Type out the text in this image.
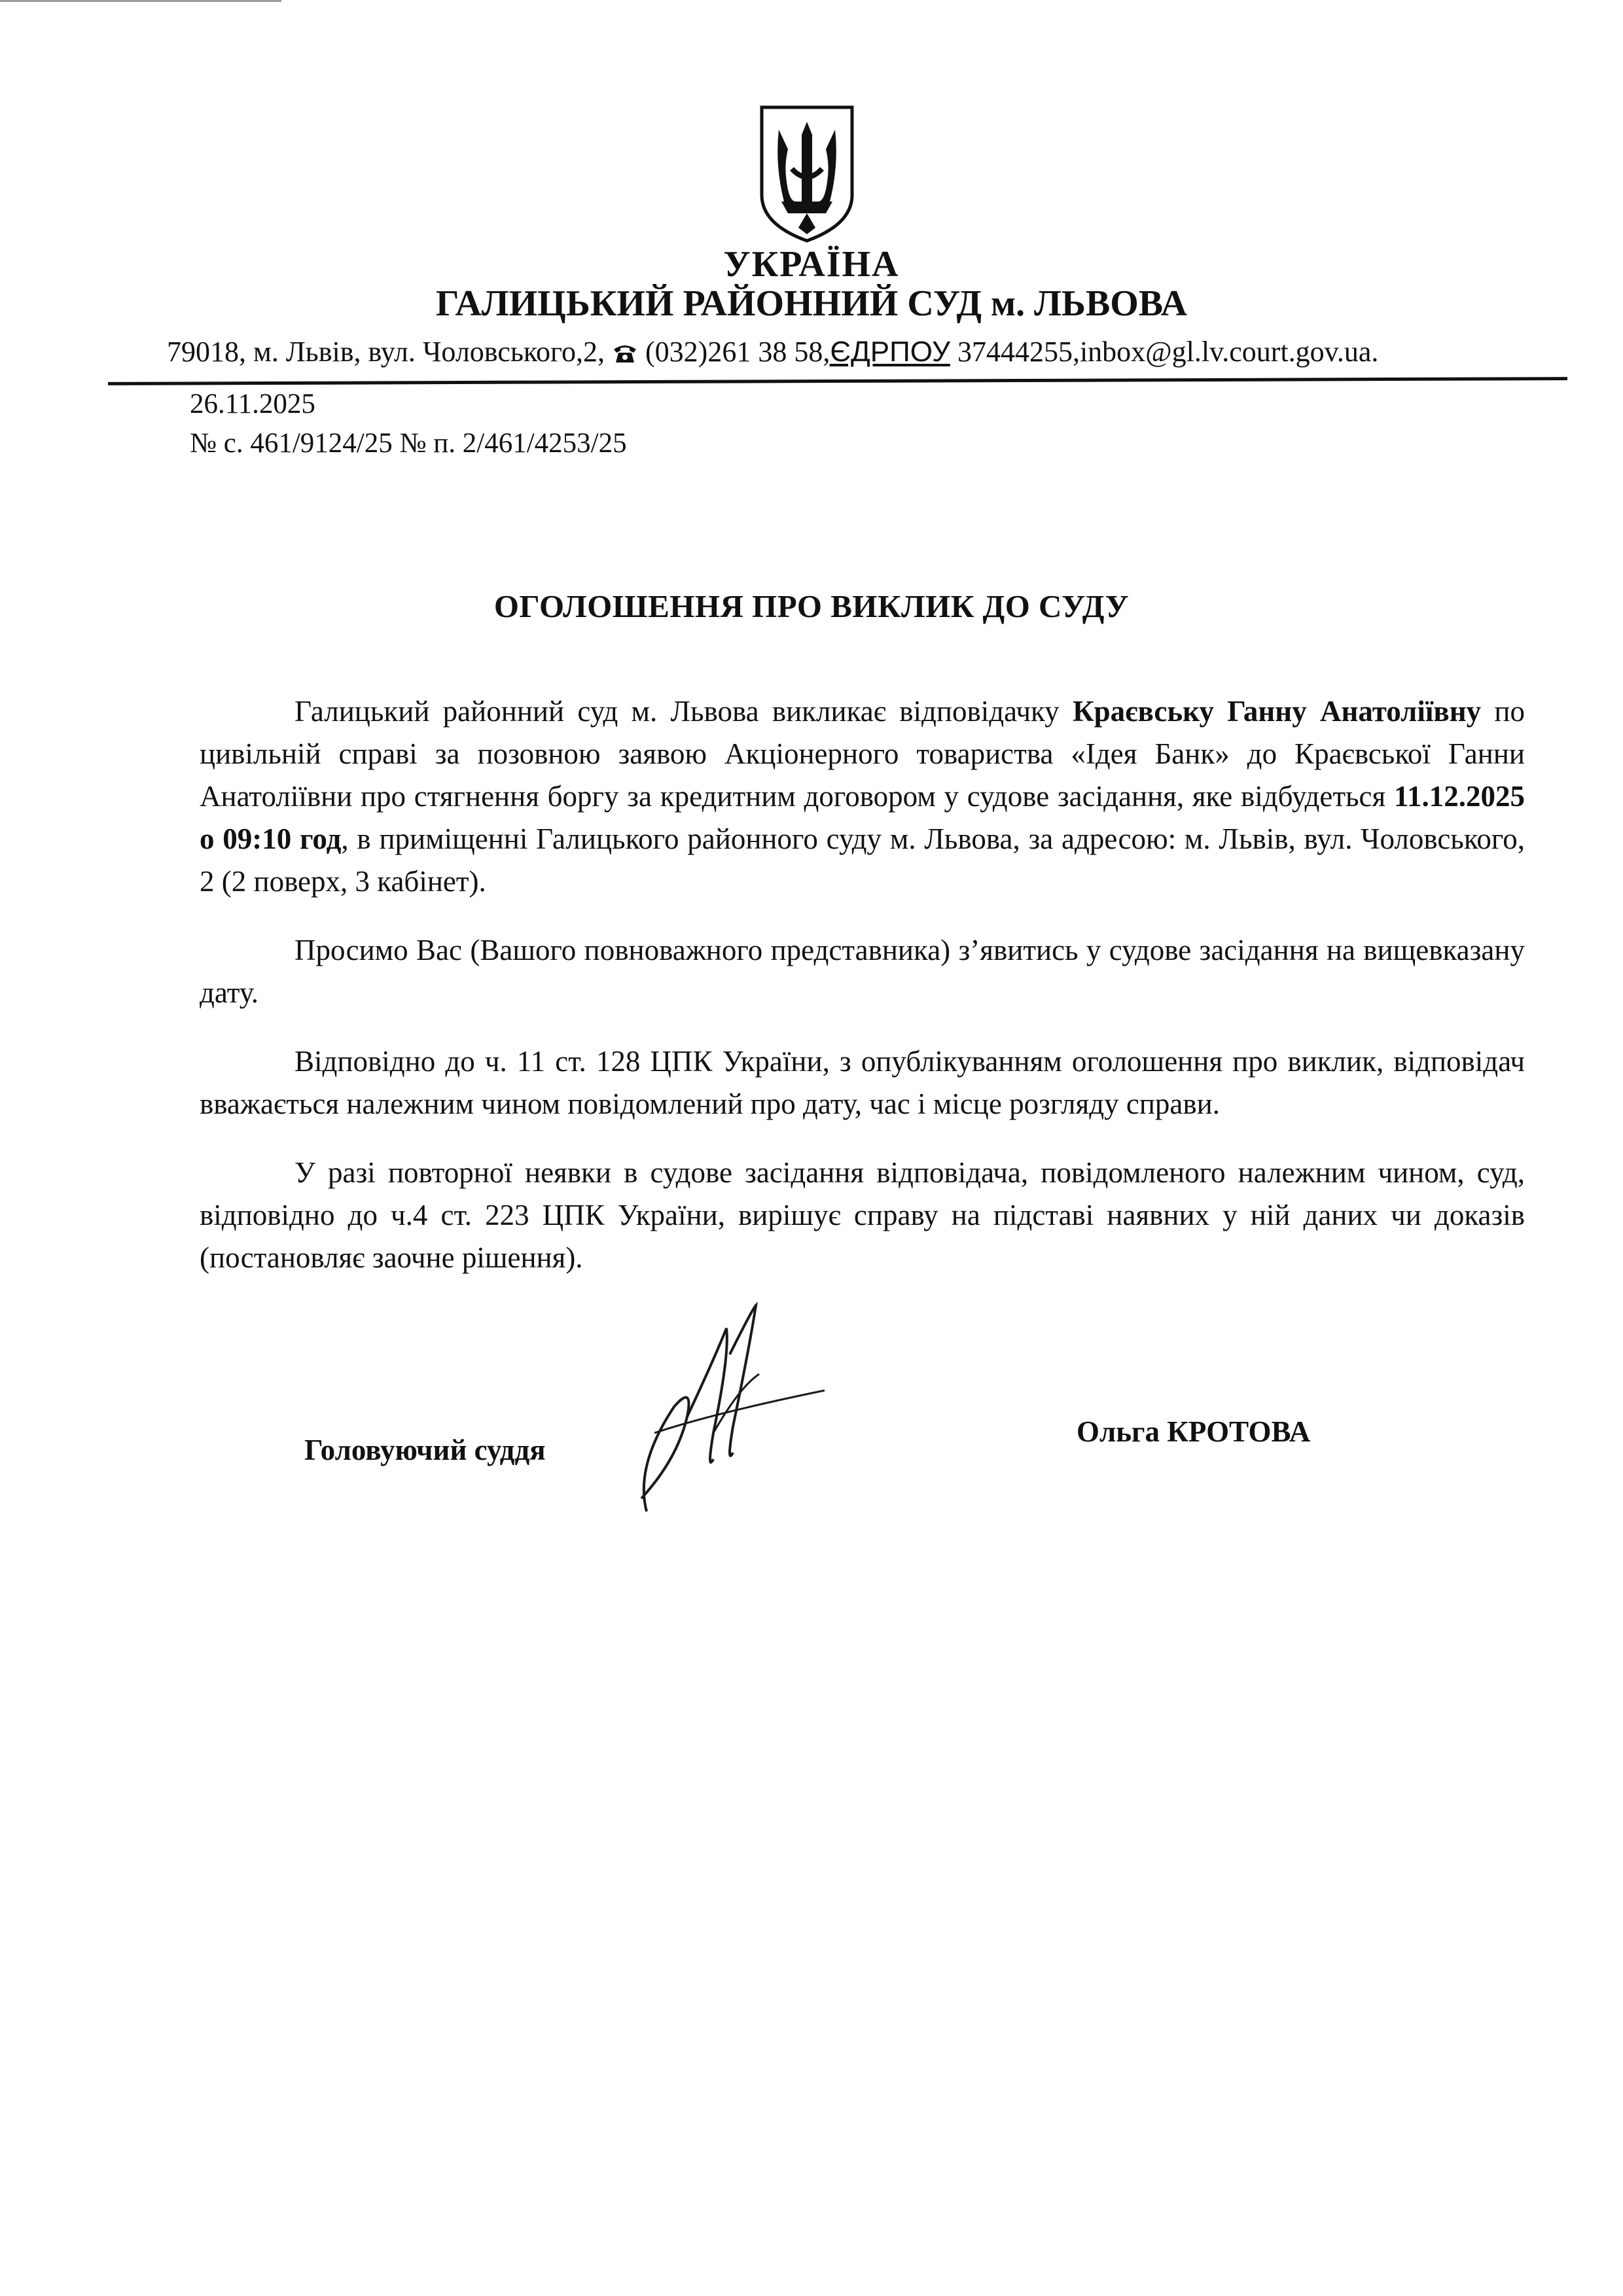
УКРАЇНА
ГАЛИЦЬКИЙ РАЙОННИЙ СУД м. ЛЬВОВА
79018, м. Львів, вул. Чоловського,2, (032)261 38 58,ЄДРПОУ 37444255,inbox@gl.lv.court.gov.ua.
26.11.2025
№ с. 461/9124/25 № п. 2/461/4253/25
ОГОЛОШЕННЯ ПРО ВИКЛИК ДО СУДУ

Галицький районний суд м. Львова викликає відповідачку Краєвську Ганну Анатоліївну по цивільній справі за позовною заявою Акціонерного товариства «Ідея Банк» до Краєвської Ганни Анатоліївни про стягнення боргу за кредитним договором у судове засідання, яке відбудеться 11.12.2025 о 09:10 год, в приміщенні Галицького районного суду м. Львова, за адресою: м. Львів, вул. Чоловського, 2 (2 поверх, 3 кабінет).

Просимо Вас (Вашого повноважного представника) з’явитись у судове засідання на вищевказану дату.

Відповідно до ч. 11 ст. 128 ЦПК України, з опублікуванням оголошення про виклик, відповідач вважається належним чином повідомлений про дату, час і місце розгляду справи.

У разі повторної неявки в судове засідання відповідача, повідомленого належним чином, суд, відповідно до ч.4 ст. 223 ЦПК України, вирішує справу на підставі наявних у ній даних чи доказів (постановляє заочне рішення).

Головуючий суддя
Ольга КРОТОВА
